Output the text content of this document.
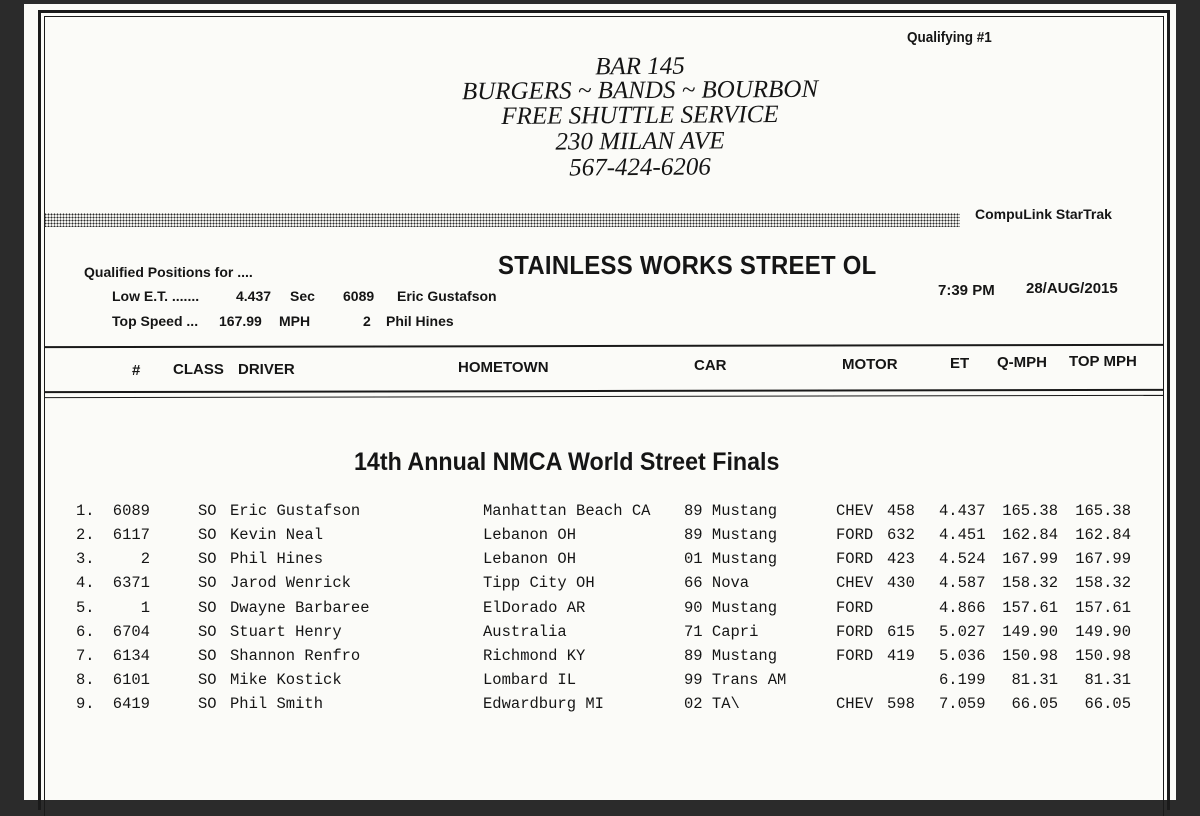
Qualifying #1
BAR 145
BURGERS ~ BANDS ~ BOURBON
FREE SHUTTLE SERVICE
230 MILAN AVE
567-424-6206
CompuLink StarTrak
Qualified Positions for ....
Low E.T. .......	4.437 Sec 6089 Eric Gustafson
Top Speed ... 167.99 MPH	2 Phil Hines
STAINLESS WORKS STREET OL
7:39 PM 28/AUG/2015
# CLASS DRIVER	HOMETOWN	CAR	MOTOR	ET Q-MPH TOP MPH
14th Annual NMCA World Street Finals
1. 6089	SO Eric Gustafson	Manhattan Beach CA 89 Mustang	CHEV 458 4.437 165.38 165.38
2. 6117	SO Kevin Neal	Lebanon OH	89 Mustang	FORD 632 4.451 162.84 162.84
3.	2	SO Phil Hines	Lebanon OH	01 Mustang	FORD 423 4.524 167.99 167.99
4. 6371	SO Jarod Wenrick	Tipp City OH	66 Nova	CHEV 430 4.587 158.32 158.32
5.	1	SO Dwayne Barbaree	ElDorado AR	90 Mustang	FORD	4.866 157.61 157.61
6. 6704	SO Stuart Henry	Australia	71 Capri	FORD 615 5.027 149.90 149.90
7. 6134	SO Shannon Renfro	Richmond KY	89 Mustang	FORD 419 5.036 150.98 150.98
8. 6101	SO Mike Kostick	Lombard IL	99 Trans AM	6.199 81.31 81.31
9. 6419	SO Phil Smith	Edwardburg MI	02 TA\	CHEV 598 7.059 66.05 66.05
